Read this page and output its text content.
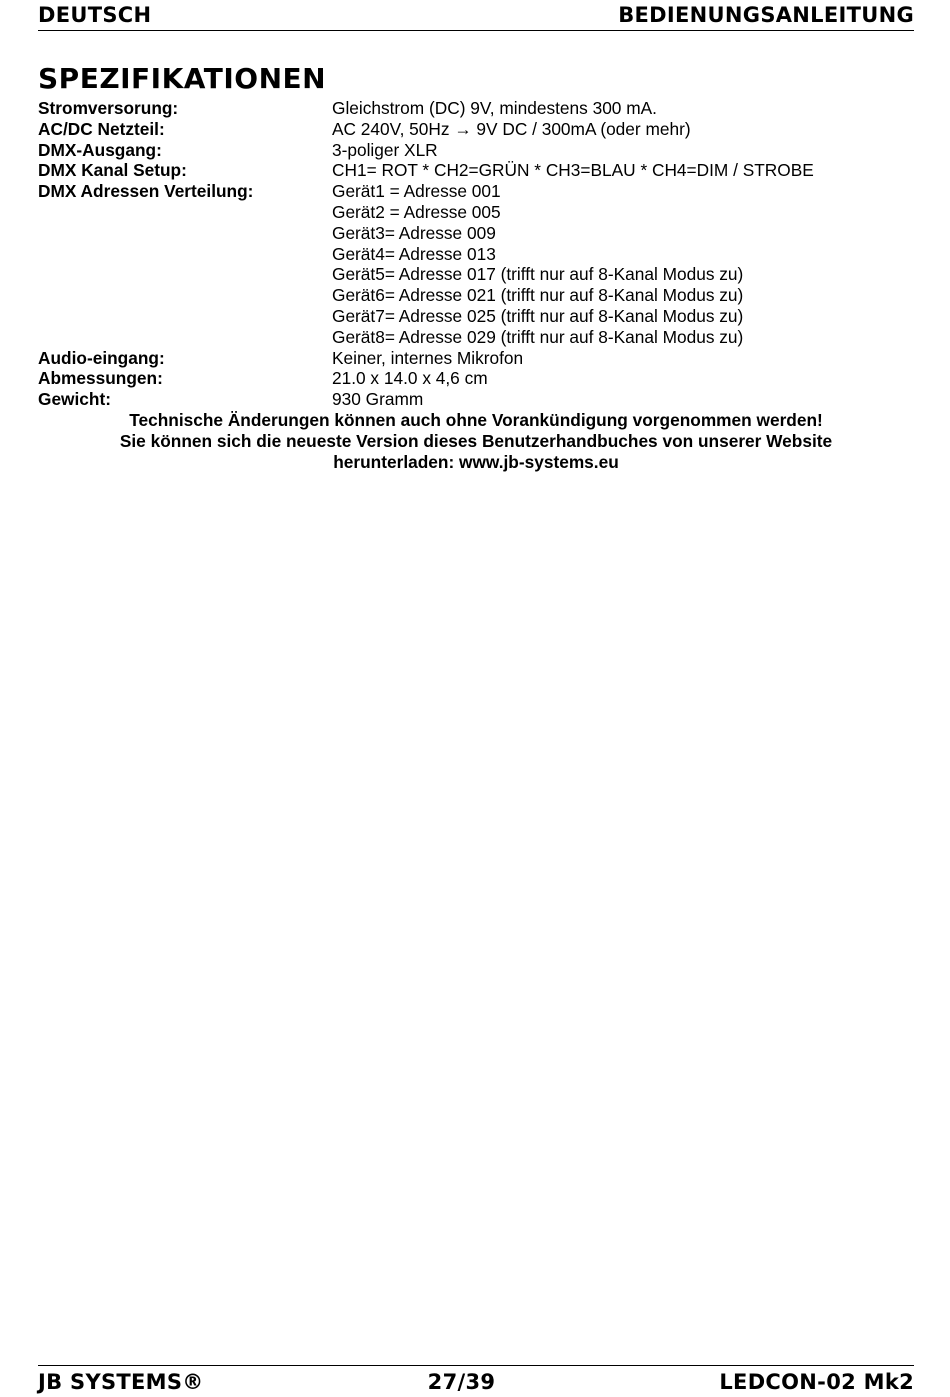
DEUTSCH	BEDIENUNGSANLEITUNG
SPEZIFIKATIONEN
Stromversorung:	Gleichstrom (DC) 9V, mindestens 300 mA.
AC/DC Netzteil:	AC 240V, 50Hz → 9V DC / 300mA (oder mehr)
DMX-Ausgang:	3-poliger XLR
DMX Kanal Setup:	CH1= ROT * CH2=GRÜN * CH3=BLAU * CH4=DIM / STROBE
DMX Adressen Verteilung:	Gerät1 = Adresse 001
	Gerät2 = Adresse 005
	Gerät3= Adresse 009
	Gerät4= Adresse 013
	Gerät5= Adresse 017 (trifft nur auf 8-Kanal Modus zu)
	Gerät6= Adresse 021 (trifft nur auf 8-Kanal Modus zu)
	Gerät7= Adresse 025 (trifft nur auf 8-Kanal Modus zu)
	Gerät8= Adresse 029 (trifft nur auf 8-Kanal Modus zu)
Audio-eingang:	Keiner, internes Mikrofon
Abmessungen:	21.0 x 14.0 x 4,6 cm
Gewicht:	930 Gramm

Technische Änderungen können auch ohne Vorankündigung vorgenommen werden!

Sie können sich die neueste Version dieses Benutzerhandbuches von unserer Website

herunterladen: www.jb-systems.eu

JB SYSTEMS®	27/39	LEDCON-02 Mk2
